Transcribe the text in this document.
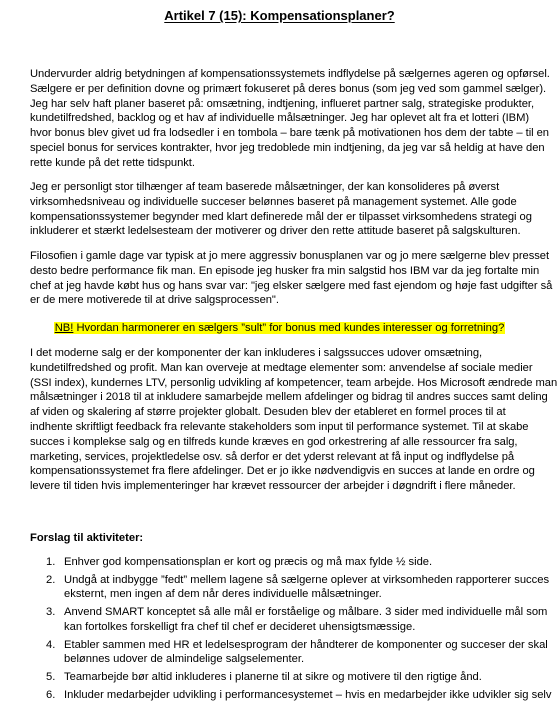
Artikel 7 (15): Kompensationsplaner?

Undervurder aldrig betydningen af kompensationssystemets indflydelse på sælgernes ageren og opførsel.
Sælgere er per definition dovne og primært fokuseret på deres bonus (som jeg ved som gammel sælger).
Jeg har selv haft planer baseret på: omsætning, indtjening, influeret partner salg, strategiske produkter,
kundetilfredshed, backlog og et hav af individuelle målsætninger. Jeg har oplevet alt fra et lotteri (IBM)
hvor bonus blev givet ud fra lodsedler i en tombola – bare tænk på motivationen hos dem der tabte – til en
speciel bonus for services kontrakter, hvor jeg tredoblede min indtjening, da jeg var så heldig at have den
rette kunde på det rette tidspunkt.

Jeg er personligt stor tilhænger af team baserede målsætninger, der kan konsolideres på øverst
virksomhedsniveau og individuelle succeser belønnes baseret på management systemet. Alle gode
kompensationssystemer begynder med klart definerede mål der er tilpasset virksomhedens strategi og
inkluderer et stærkt ledelsesteam der motiverer og driver den rette attitude baseret på salgskulturen.

Filosofien i gamle dage var typisk at jo mere aggressiv bonusplanen var og jo mere sælgerne blev presset
desto bedre performance fik man. En episode jeg husker fra min salgstid hos IBM var da jeg fortalte min
chef at jeg havde købt hus og hans svar var: "jeg elsker sælgere med fast ejendom og høje fast udgifter så
er de mere motiverede til at drive salgsprocessen".

NB! Hvordan harmonerer en sælgers ”sult” for bonus med kundes interesser og forretning?

I det moderne salg er der komponenter der kan inkluderes i salgssucces udover omsætning,
kundetilfredshed og profit. Man kan overveje at medtage elementer som: anvendelse af sociale medier
(SSI index), kundernes LTV, personlig udvikling af kompetencer, team arbejde. Hos Microsoft ændrede man
målsætninger i 2018 til at inkludere samarbejde mellem afdelinger og bidrag til andres succes samt deling
af viden og skalering af større projekter globalt. Desuden blev der etableret en formel proces til at
indhente skriftligt feedback fra relevante stakeholders som input til performance systemet. Til at skabe
succes i komplekse salg og en tilfreds kunde kræves en god orkestrering af alle ressourcer fra salg,
marketing, services, projektledelse osv. så derfor er det yderst relevant at få input og indflydelse på
kompensationssystemet fra flere afdelinger. Det er jo ikke nødvendigvis en succes at lande en ordre og
levere til tiden hvis implementeringer har krævet ressourcer der arbejder i døgndrift i flere måneder.

Forslag til aktiviteter:

1. Enhver god kompensationsplan er kort og præcis og må max fylde ½ side.
2. Undgå at indbygge ”fedt” mellem lagene så sælgerne oplever at virksomheden rapporterer succes
eksternt, men ingen af dem når deres individuelle målsætninger.
3. Anvend SMART konceptet så alle mål er forståelige og målbare. 3 sider med individuelle mål som
kan fortolkes forskelligt fra chef til chef er decideret uhensigtsmæssige.
4. Etabler sammen med HR et ledelsesprogram der håndterer de komponenter og succeser der skal
belønnes udover de almindelige salgselementer.
5. Teamarbejde bør altid inkluderes i planerne til at sikre og motivere til den rigtige ånd.
6. Inkluder medarbejder udvikling i performancesystemet – hvis en medarbejder ikke udvikler sig selv
